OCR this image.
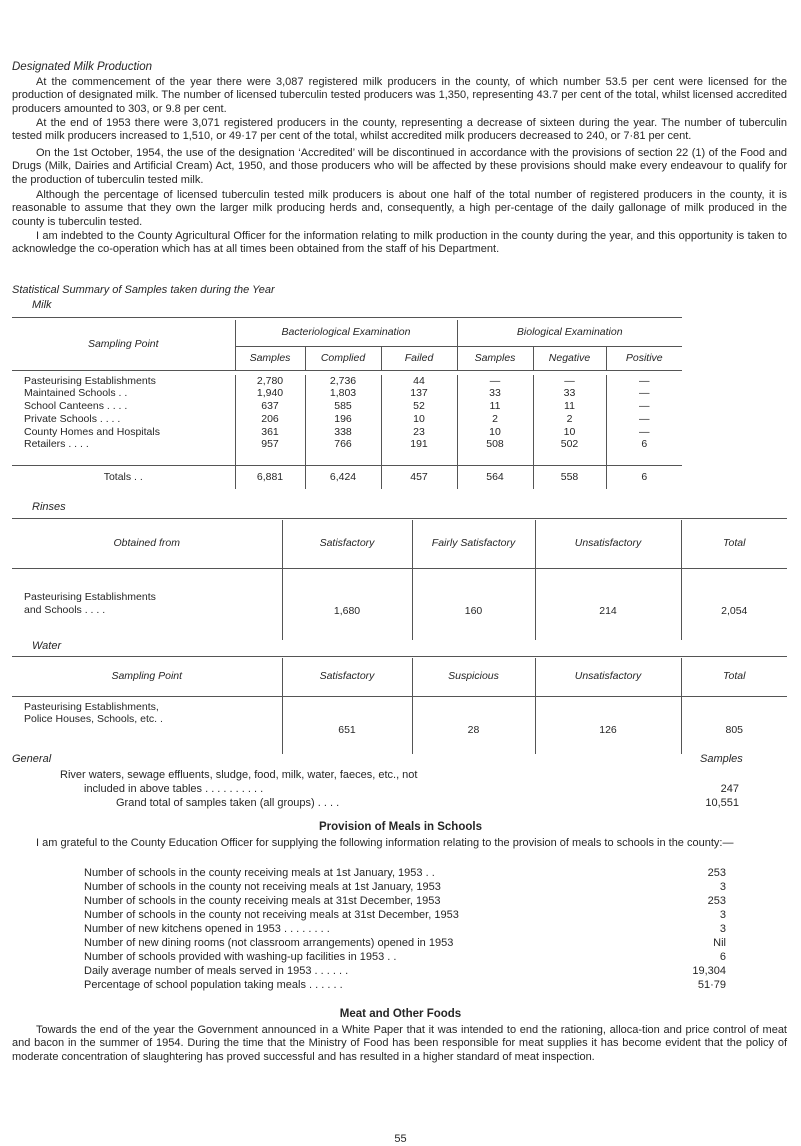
Designated Milk Production

At the commencement of the year there were 3,087 registered milk producers in the county, of which number 53.5 per cent were licensed for the production of designated milk. The number of licensed tuberculin tested producers was 1,350, representing 43.7 per cent of the total, whilst licensed accredited producers amounted to 303, or 9.8 per cent.

At the end of 1953 there were 3,071 registered producers in the county, representing a decrease of sixteen during the year. The number of tuberculin tested milk producers increased to 1,510, or 49·17 per cent of the total, whilst accredited milk producers decreased to 240, or 7·81 per cent.

On the 1st October, 1954, the use of the designation ‘Accredited’ will be discontinued in accordance with the provisions of section 22 (1) of the Food and Drugs (Milk, Dairies and Artificial Cream) Act, 1950, and those producers who will be affected by these provisions should make every endeavour to qualify for the production of tuberculin tested milk.

Although the percentage of licensed tuberculin tested milk producers is about one half of the total number of registered producers in the county, it is reasonable to assume that they own the larger milk producing herds and, consequently, a high per-centage of the daily gallonage of milk produced in the county is tuberculin tested.

I am indebted to the County Agricultural Officer for the information relating to milk production in the county during the year, and this opportunity is taken to acknowledge the co-operation which has at all times been obtained from the staff of his Department.

Statistical Summary of Samples taken during the Year
Milk
Sampling Point	Bacteriological Examination			Biological Examination		
	Samples	Complied	Failed	Samples	Negative	Positive

Pasteurising Establishments	2,780	2,736	44	—	—	—
Maintained Schools . .	1,940	1,803	137	33	33	—
School Canteens . . . .	637	585	52	11	11	—
Private Schools . . . .	206	196	10	2	2	—
County Homes and Hospitals	361	338	23	10	10	—
Retailers . . . .	957	766	191	508	502	6

Totals . .	6,881	6,424	457	564	558	6
Rinses
Obtained from	Satisfactory	Fairly Satisfactory	Unsatisfactory	Total

Pasteurising Establishments
and Schools . . . .	1,680	160	214	2,054
Water
Sampling Point	Satisfactory	Suspicious	Unsatisfactory	Total

Pasteurising Establishments,
Police Houses, Schools, etc. .	651	28	126	805
General	Samples
River waters, sewage effluents, sludge, food, milk, water, faeces, etc., not
included in above tables . . . . . . . . . .	247
Grand total of samples taken (all groups) . . . .	10,551
Provision of Meals in Schools

I am grateful to the County Education Officer for supplying the following information relating to the provision of meals to schools in the county:—

Number of schools in the county receiving meals at 1st January, 1953 . .	253
Number of schools in the county not receiving meals at 1st January, 1953	3
Number of schools in the county receiving meals at 31st December, 1953	253
Number of schools in the county not receiving meals at 31st December, 1953	3
Number of new kitchens opened in 1953 . . . . . . . .	3
Number of new dining rooms (not classroom arrangements) opened in 1953	Nil
Number of schools provided with washing-up facilities in 1953 . .	6
Daily average number of meals served in 1953 . . . . . .	19,304
Percentage of school population taking meals . . . . . .	51·79
Meat and Other Foods

Towards the end of the year the Government announced in a White Paper that it was intended to end the rationing, alloca-tion and price control of meat and bacon in the summer of 1954. During the time that the Ministry of Food has been responsible for meat supplies it has become evident that the policy of moderate concentration of slaughtering has proved successful and has resulted in a higher standard of meat inspection.

55
